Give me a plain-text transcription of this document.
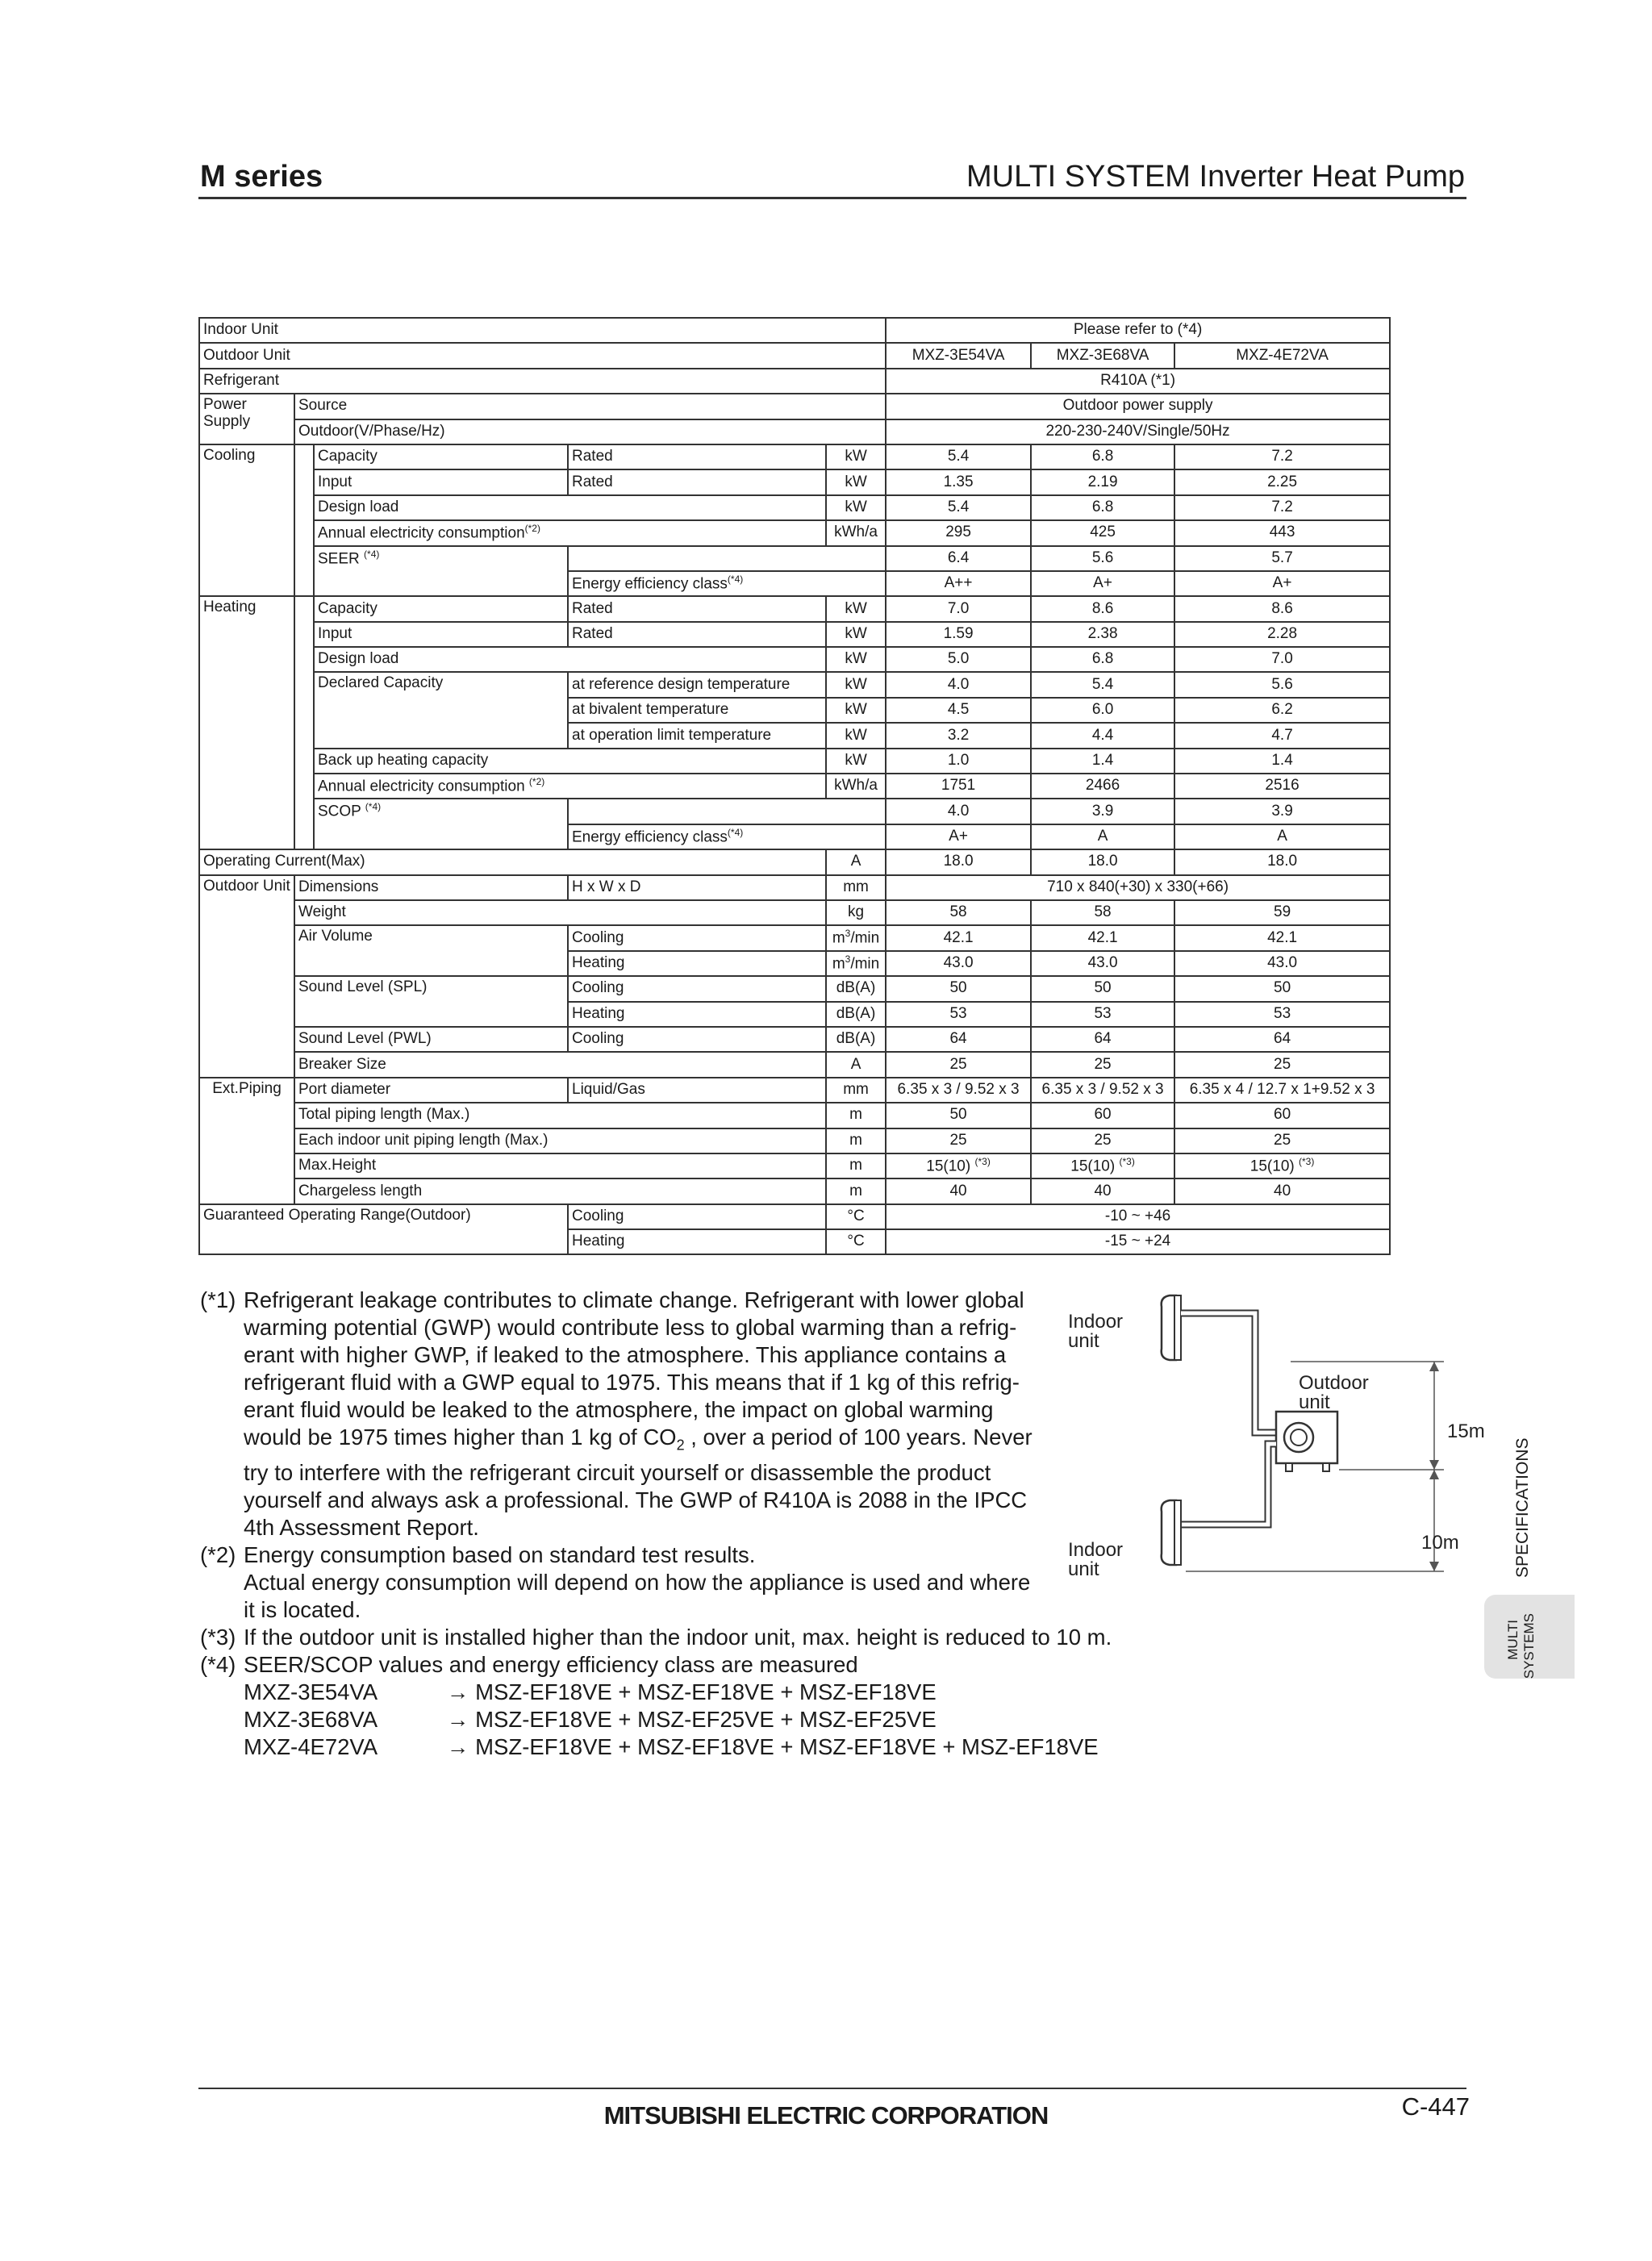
M series	MULTI SYSTEM Inverter Heat Pump
Indoor Unit					Please refer to (*4)		
Outdoor Unit					MXZ-3E54VA	MXZ-3E68VA	MXZ-4E72VA
Refrigerant					R410A (*1)		
Power Supply	Source				Outdoor power supply		
	Outdoor(V/Phase/Hz)				220-230-240V/Single/50Hz		
Cooling		Capacity	Rated	kW	5.4	6.8	7.2
		Input	Rated	kW	1.35	2.19	2.25
		Design load		kW	5.4	6.8	7.2
		Annual electricity consumption$^{(*2)}$		kWh/a	295	425	443
		SEER $^{(*4)}$			6.4	5.6	5.7
			Energy efficiency class$^{(*4)}$		A++	A+	A+
Heating		Capacity	Rated	kW	7.0	8.6	8.6
		Input	Rated	kW	1.59	2.38	2.28
		Design load		kW	5.0	6.8	7.0
		Declared Capacity	at reference design temperature	kW	4.0	5.4	5.6
			at bivalent temperature	kW	4.5	6.0	6.2
			at operation limit temperature	kW	3.2	4.4	4.7
		Back up heating capacity		kW	1.0	1.4	1.4
		Annual electricity consumption $^{(*2)}$		kWh/a	1751	2466	2516
		SCOP $^{(*4)}$			4.0	3.9	3.9
			Energy efficiency class$^{(*4)}$		A+	A	A
Operating Current(Max)				A	18.0	18.0	18.0
Outdoor Unit	Dimensions		H x W x D	mm	710 x 840(+30) x 330(+66)		
	Weight			kg	58	58	59
	Air Volume		Cooling	$m^3/\min$	42.1	42.1	42.1
			Heating	$m^3/\min$	43.0	43.0	43.0
	Sound Level (SPL)		Cooling	dB(A)	50	50	50
			Heating	dB(A)	53	53	53
	Sound Level (PWL)		Cooling	dB(A)	64	64	64
	Breaker Size			A	25	25	25
Ext.Piping	Port diameter		Liquid/Gas	mm	6.35 x 3 / 9.52 x 3	6.35 x 3 / 9.52 x 3	6.35 x 4 / 12.7 x 1+9.52 x 3
	Total piping length (Max.)			m	50	60	60
	Each indoor unit piping length (Max.)			m	25	25	25
	Max.Height			m	15(10) $^{(*3)}$	15(10) $^{(*3)}$	15(10) $^{(*3)}$
	Chargeless length			m	40	40	40
Guaranteed Operating Range(Outdoor)			Cooling	°C	-10 ~ +46		
			Heating	°C	-15 ~ +24		
(*1) Refrigerant leakage contributes to climate change. Refrigerant with lower global
warming potential (GWP) would contribute less to global warming than a refrig-
erant with higher GWP, if leaked to the atmosphere. This appliance contains a
refrigerant fluid with a GWP equal to 1975. This means that if 1 kg of this refrig-
erant fluid would be leaked to the atmosphere, the impact on global warming
would be 1975 times higher than 1 kg of $CO_2$ , over a period of 100 years. Never
try to interfere with the refrigerant circuit yourself or disassemble the product
yourself and always ask a professional. The GWP of R410A is 2088 in the IPCC
4th Assessment Report.
(*2) Energy consumption based on standard test results.
Actual energy consumption will depend on how the appliance is used and where
it is located.
(*3) If the outdoor unit is installed higher than the indoor unit, max. height is reduced to 10 m.
(*4) SEER/SCOP values and energy efficiency class are measured
MXZ-3E54VA	→ MSZ-EF18VE + MSZ-EF18VE + MSZ-EF18VE
MXZ-3E68VA	→ MSZ-EF18VE + MSZ-EF25VE + MSZ-EF25VE
MXZ-4E72VA	→ MSZ-EF18VE + MSZ-EF18VE + MSZ-EF18VE + MSZ-EF18VE
Indoor
unit
Outdoor
unit
15m
Indoor
unit
10m	SPECIFICATIONS
MULTI SYSTEMS
MITSUBISHI ELECTRIC CORPORATION	C-447
